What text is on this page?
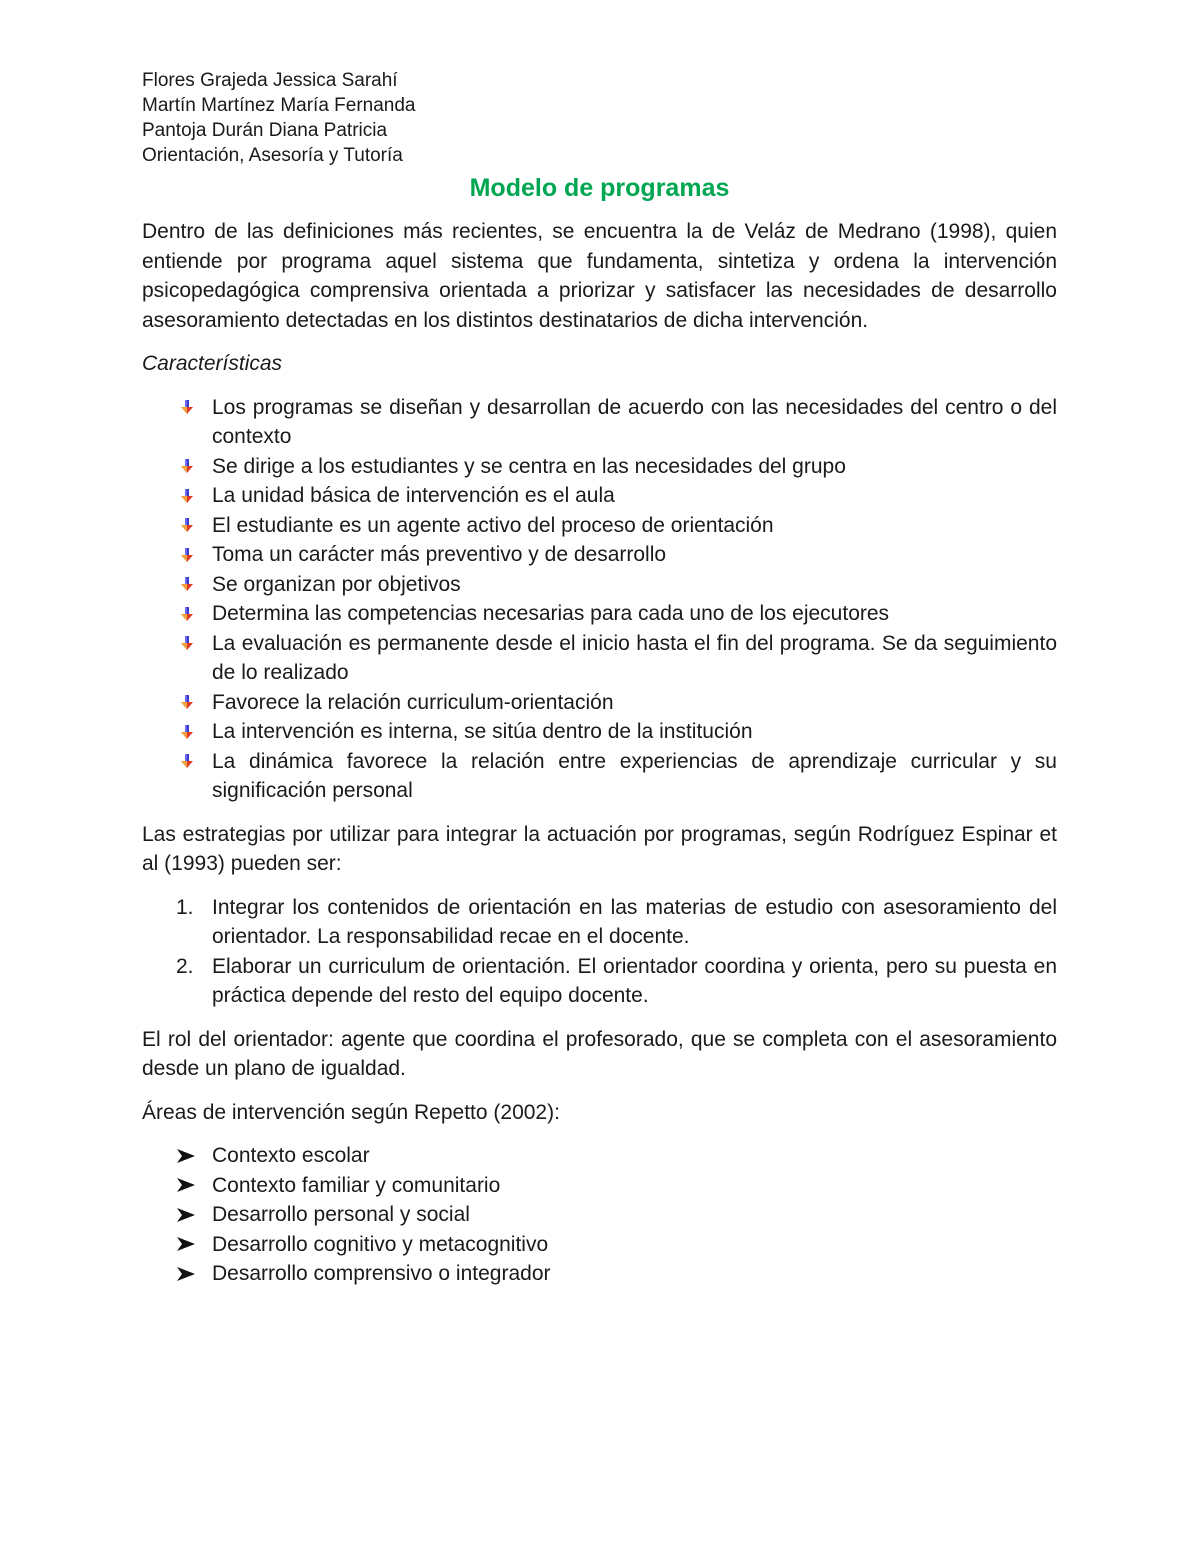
Flores Grajeda Jessica Sarahí

Martín Martínez María Fernanda

Pantoja Durán Diana Patricia

Orientación, Asesoría y Tutoría

Modelo de programas

Dentro de las definiciones más recientes, se encuentra la de Veláz de Medrano (1998), quien entiende por programa aquel sistema que fundamenta, sintetiza y ordena la intervención psicopedagógica comprensiva orientada a priorizar y satisfacer las necesidades de desarrollo asesoramiento detectadas en los distintos destinatarios de dicha intervención.

Características

Los programas se diseñan y desarrollan de acuerdo con las necesidades del centro o del contexto
Se dirige a los estudiantes y se centra en las necesidades del grupo
La unidad básica de intervención es el aula
El estudiante es un agente activo del proceso de orientación
Toma un carácter más preventivo y de desarrollo
Se organizan por objetivos
Determina las competencias necesarias para cada uno de los ejecutores
La evaluación es permanente desde el inicio hasta el fin del programa. Se da seguimiento de lo realizado
Favorece la relación curriculum-orientación
La intervención es interna, se sitúa dentro de la institución
La dinámica favorece la relación entre experiencias de aprendizaje curricular y su significación personal

Las estrategias por utilizar para integrar la actuación por programas, según Rodríguez Espinar et al (1993) pueden ser:

1. Integrar los contenidos de orientación en las materias de estudio con asesoramiento del orientador. La responsabilidad recae en el docente.
2. Elaborar un curriculum de orientación. El orientador coordina y orienta, pero su puesta en práctica depende del resto del equipo docente.

El rol del orientador: agente que coordina el profesorado, que se completa con el asesoramiento desde un plano de igualdad.

Áreas de intervención según Repetto (2002):

Contexto escolar
Contexto familiar y comunitario
Desarrollo personal y social
Desarrollo cognitivo y metacognitivo
Desarrollo comprensivo o integrador
